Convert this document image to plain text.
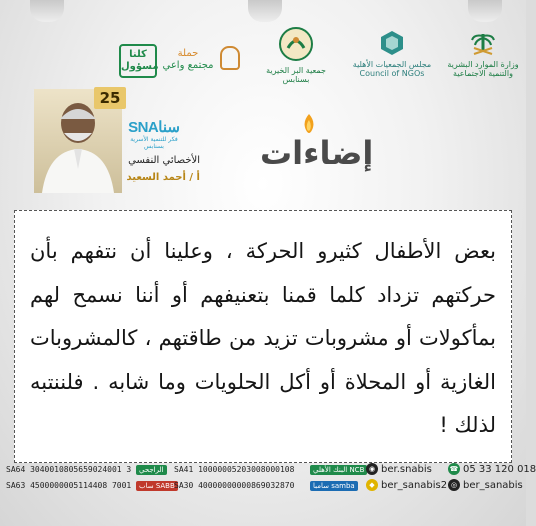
كلنا
مسؤول
حملة
مجتمع واعي	جمعية البر الخيرية بسنابس
مجلس الجمعيات الأهلية
Council of NGOs
وزارة الموارد البشرية
والتنمية الاجتماعية
25
SNAسنا
فكر للتنمية الأسرية بسنابس
الأخصائي النفسي
أ / أحمد السعيد
إضاءات
بعض الأطفال كثيرو الحركة ، وعلينا أن نتفهم بأن حركتهم تزداد كلما قمنا بتعنيفهم أو أننا نسمح لهم بمأكولات أو مشروبات تزيد من طاقتهم ، كالمشروبات الغازية أو المحلاة أو أكل الحلويات وما شابه . فلننتبه لذلك !
SA64 3040010805659024001 3
SA63 4500000005114408 7001
الراجحي
ساب SABB
SA41 10000005203008000108
SA30 40000000000869032870
البنك الأهلي NCB
سامبا samba
◉ ber.snabis
◆ ber_sanabis2
☎ 05 33 120 018
◎ ber_sanabis
